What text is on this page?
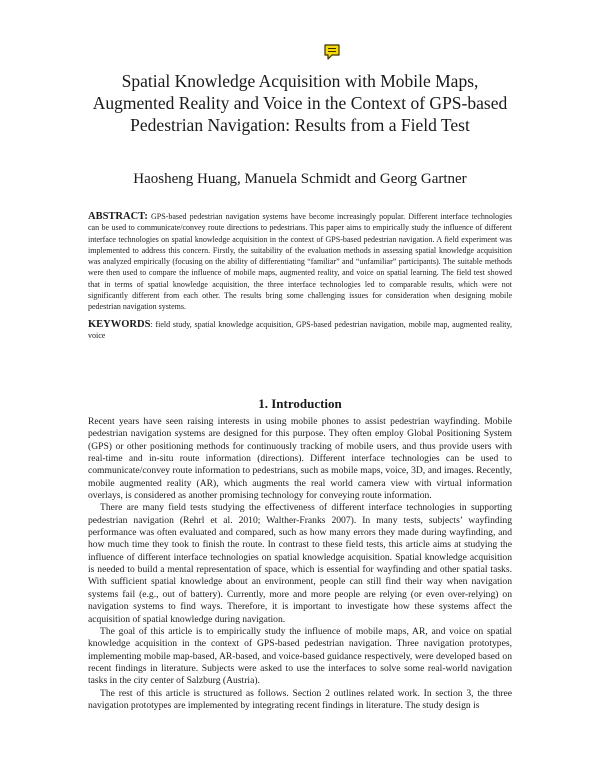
Spatial Knowledge Acquisition with Mobile Maps,
Augmented Reality and Voice in the Context of GPS-based
Pedestrian Navigation: Results from a Field Test

Haosheng Huang, Manuela Schmidt and Georg Gartner

ABSTRACT: GPS-based pedestrian navigation systems have become increasingly popular. Different interface technologies can be used to communicate/convey route directions to pedestrians. This paper aims to empirically study the influence of different interface technologies on spatial knowledge acquisition in the context of GPS-based pedestrian navigation. A field experiment was implemented to address this concern. Firstly, the suitability of the evaluation methods in assessing spatial knowledge acquisition was analyzed empirically (focusing on the ability of differentiating “familiar” and “unfamiliar” participants). The suitable methods were then used to compare the influence of mobile maps, augmented reality, and voice on spatial learning. The field test showed that in terms of spatial knowledge acquisition, the three interface technologies led to comparable results, which were not significantly different from each other. The results bring some challenging issues for consideration when designing mobile pedestrian navigation systems.

KEYWORDS: field study, spatial knowledge acquisition, GPS-based pedestrian navigation, mobile map, augmented reality, voice

1. Introduction

Recent years have seen raising interests in using mobile phones to assist pedestrian wayfinding. Mobile pedestrian navigation systems are designed for this purpose. They often employ Global Positioning System (GPS) or other positioning methods for continuously tracking of mobile users, and thus provide users with real-time and in-situ route information (directions). Different interface technologies can be used to communicate/convey route information to pedestrians, such as mobile maps, voice, 3D, and images. Recently, mobile augmented reality (AR), which augments the real world camera view with virtual information overlays, is considered as another promising technology for conveying route information.

There are many field tests studying the effectiveness of different interface technologies in supporting pedestrian navigation (Rehrl et al. 2010; Walther-Franks 2007). In many tests, subjects’ wayfinding performance was often evaluated and compared, such as how many errors they made during wayfinding, and how much time they took to finish the route. In contrast to these field tests, this article aims at studying the influence of different interface technologies on spatial knowledge acquisition. Spatial knowledge acquisition is needed to build a mental representation of space, which is essential for wayfinding and other spatial tasks. With sufficient spatial knowledge about an environment, people can still find their way when navigation systems fail (e.g., out of battery). Currently, more and more people are relying (or even over-relying) on navigation systems to find ways. Therefore, it is important to investigate how these systems affect the acquisition of spatial knowledge during navigation.

The goal of this article is to empirically study the influence of mobile maps, AR, and voice on spatial knowledge acquisition in the context of GPS-based pedestrian navigation. Three navigation prototypes, implementing mobile map-based, AR-based, and voice-based guidance respectively, were developed based on recent findings in literature. Subjects were asked to use the interfaces to solve some real-world navigation tasks in the city center of Salzburg (Austria).

The rest of this article is structured as follows. Section 2 outlines related work. In section 3, the three navigation prototypes are implemented by integrating recent findings in literature. The study design is
